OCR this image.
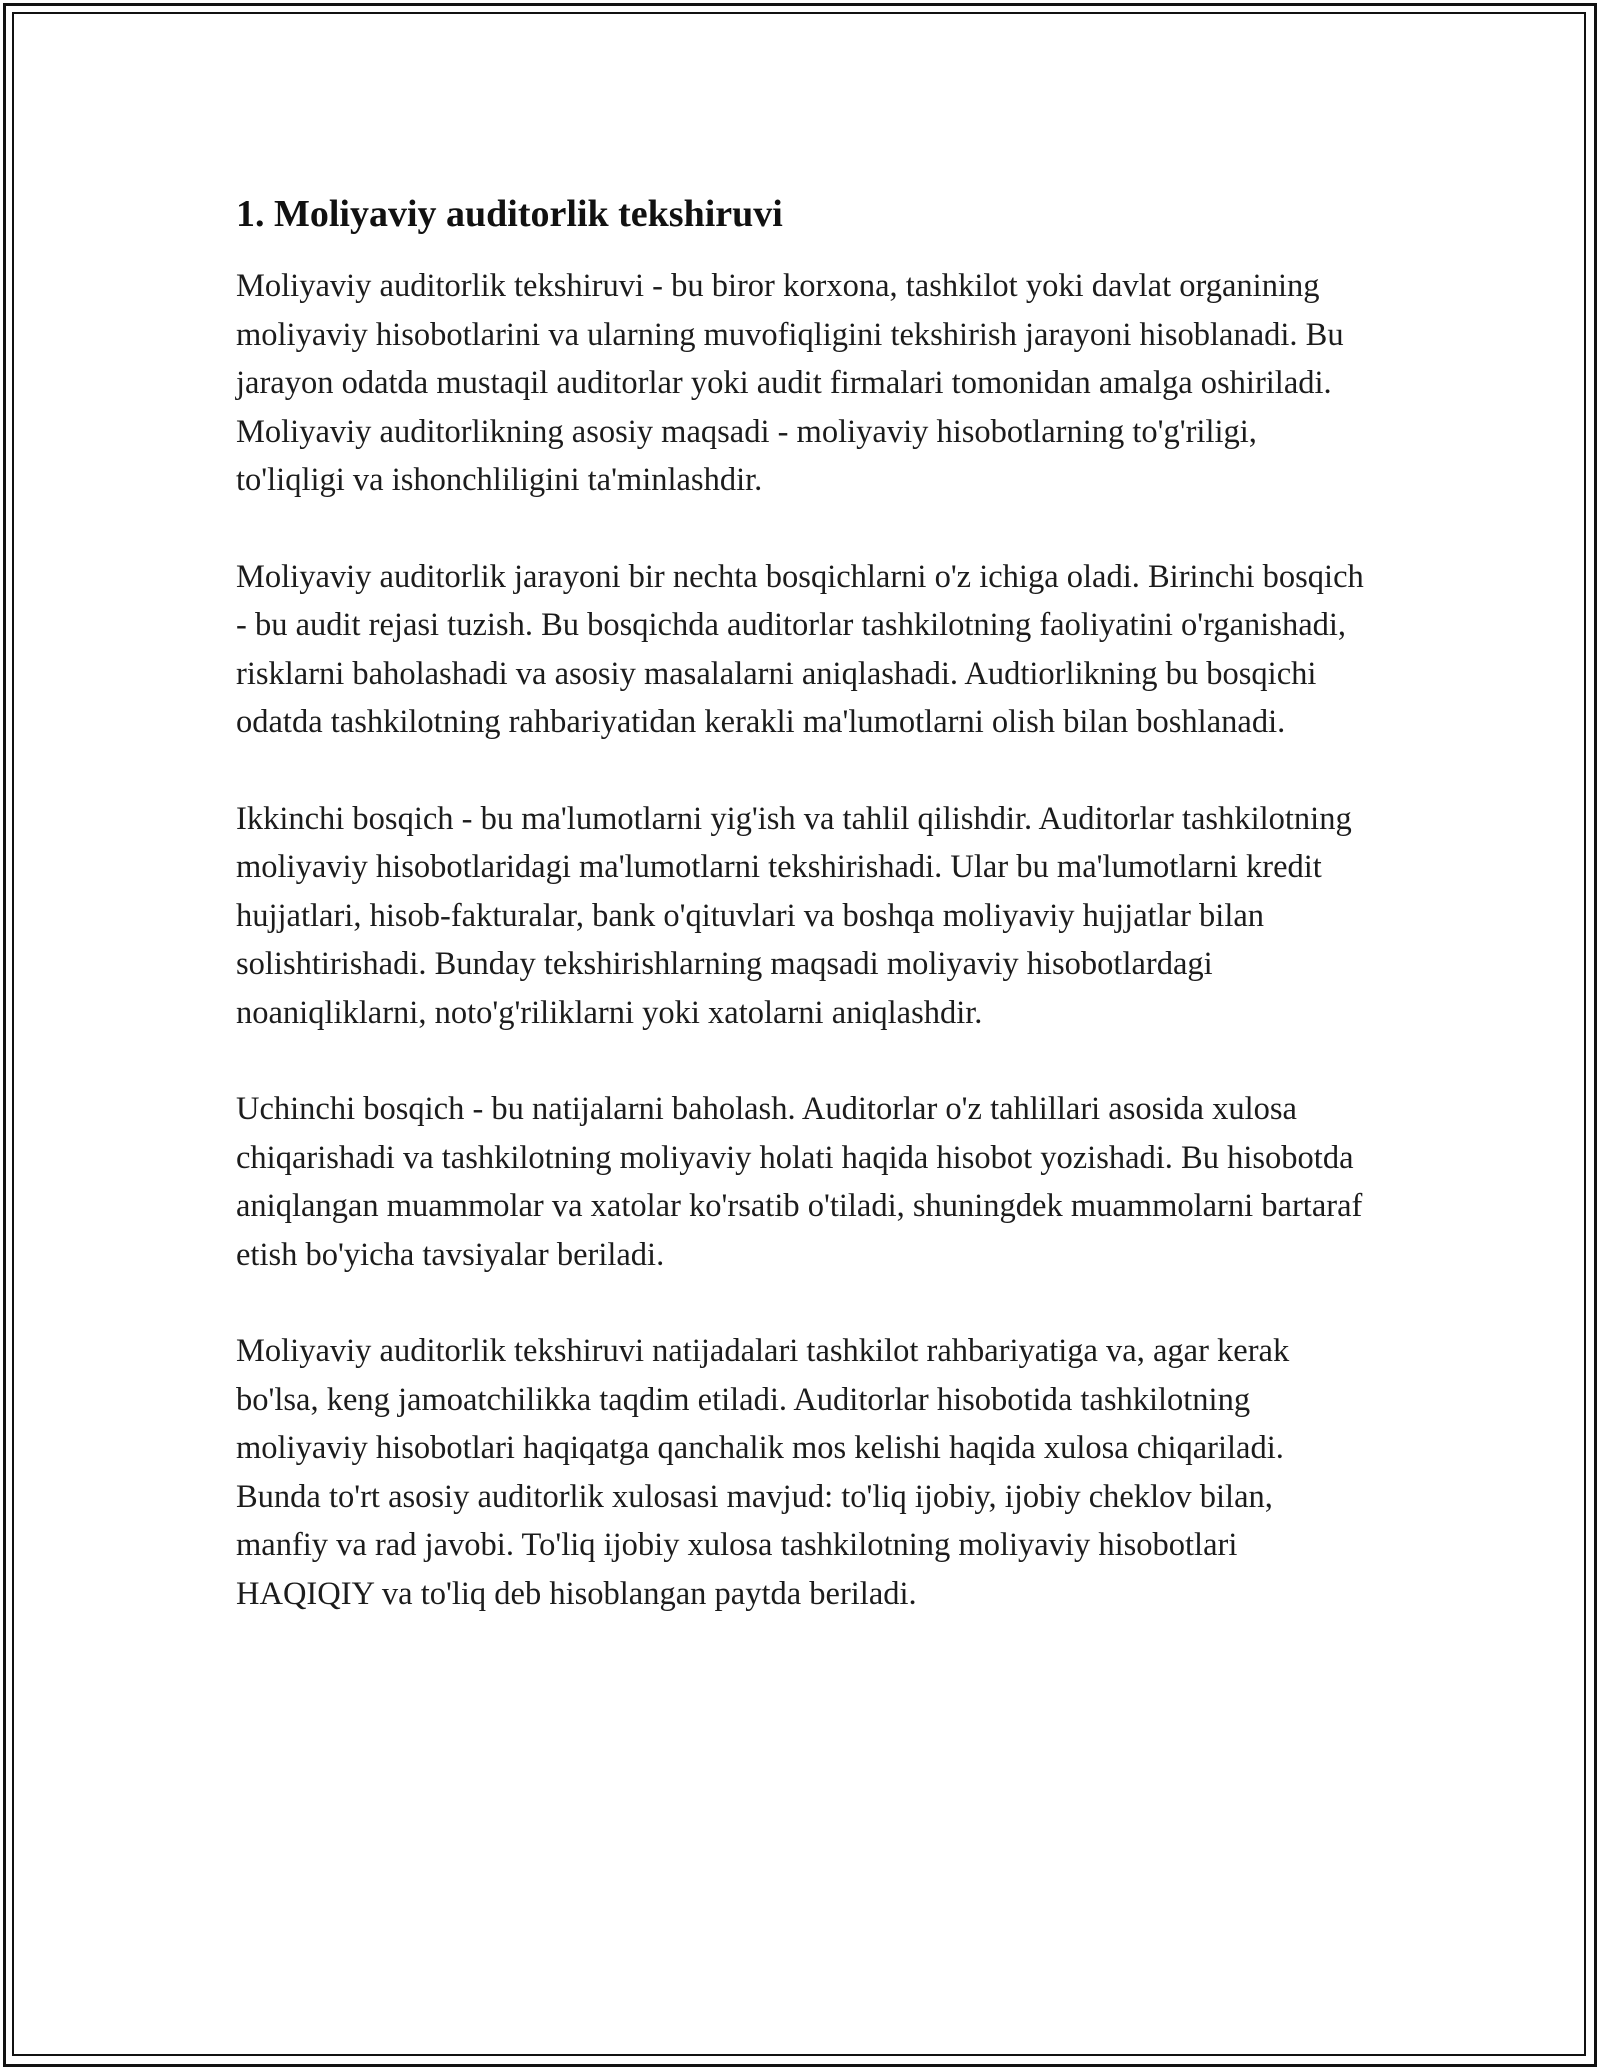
1. Moliyaviy auditorlik tekshiruvi

Moliyaviy auditorlik tekshiruvi - bu biror korxona, tashkilot yoki davlat organining moliyaviy hisobotlarini va ularning muvofiqligini tekshirish jarayoni hisoblanadi. Bu jarayon odatda mustaqil auditorlar yoki audit firmalari tomonidan amalga oshiriladi. Moliyaviy auditorlikning asosiy maqsadi - moliyaviy hisobotlarning to'g'riligi, to'liqligi va ishonchliligini ta'minlashdir.

Moliyaviy auditorlik jarayoni bir nechta bosqichlarni o'z ichiga oladi. Birinchi bosqich - bu audit rejasi tuzish. Bu bosqichda auditorlar tashkilotning faoliyatini o'rganishadi, risklarni baholashadi va asosiy masalalarni aniqlashadi. Audtiorlikning bu bosqichi odatda tashkilotning rahbariyatidan kerakli ma'lumotlarni olish bilan boshlanadi.

Ikkinchi bosqich - bu ma'lumotlarni yig'ish va tahlil qilishdir. Auditorlar tashkilotning moliyaviy hisobotlaridagi ma'lumotlarni tekshirishadi. Ular bu ma'lumotlarni kredit hujjatlari, hisob-fakturalar, bank o'qituvlari va boshqa moliyaviy hujjatlar bilan solishtirishadi. Bunday tekshirishlarning maqsadi moliyaviy hisobotlardagi noaniqliklarni, noto'g'riliklarni yoki xatolarni aniqlashdir.

Uchinchi bosqich - bu natijalarni baholash. Auditorlar o'z tahlillari asosida xulosa chiqarishadi va tashkilotning moliyaviy holati haqida hisobot yozishadi. Bu hisobotda aniqlangan muammolar va xatolar ko'rsatib o'tiladi, shuningdek muammolarni bartaraf etish bo'yicha tavsiyalar beriladi.

Moliyaviy auditorlik tekshiruvi natijadalari tashkilot rahbariyatiga va, agar kerak bo'lsa, keng jamoatchilikka taqdim etiladi. Auditorlar hisobotida tashkilotning moliyaviy hisobotlari haqiqatga qanchalik mos kelishi haqida xulosa chiqariladi. Bunda to'rt asosiy auditorlik xulosasi mavjud: to'liq ijobiy, ijobiy cheklov bilan, manfiy va rad javobi. To'liq ijobiy xulosa tashkilotning moliyaviy hisobotlari HAQIQIY va to'liq deb hisoblangan paytda beriladi.
